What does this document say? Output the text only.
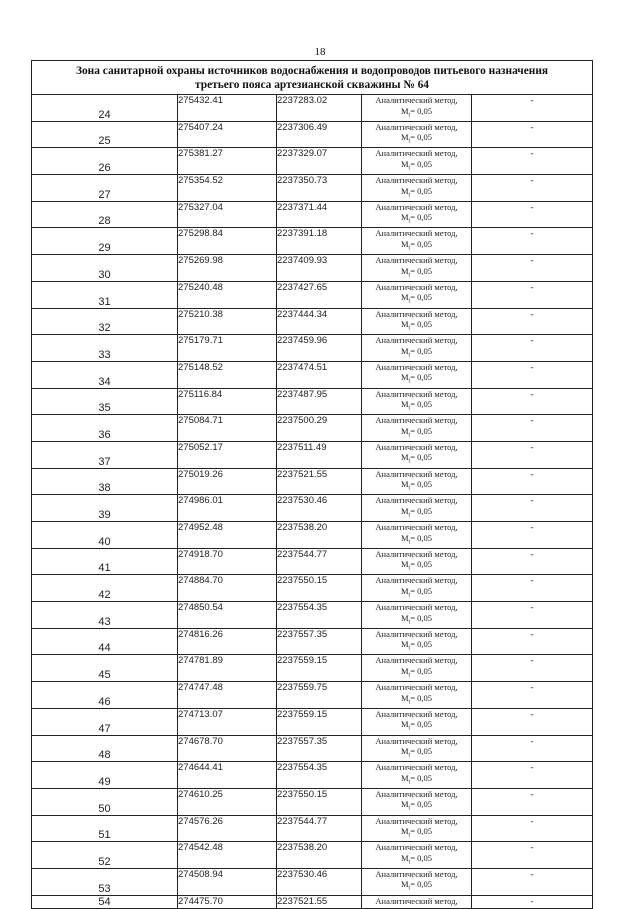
18
Зона санитарной охраны источников водоснабжения и водопроводов питьевого назначения
третьего пояса артезианской скважины № 64				

24	275432.41	2237283.02	Аналитический метод,
$M_t= 0,05$	-
25	275407.24	2237306.49	Аналитический метод,
$M_t= 0,05$	-
26	275381.27	2237329.07	Аналитический метод,
$M_t= 0,05$	-
27	275354.52	2237350.73	Аналитический метод,
$M_t= 0,05$	-
28	275327.04	2237371.44	Аналитический метод,
$M_t= 0,05$	-
29	275298.84	2237391.18	Аналитический метод,
$M_t= 0,05$	-
30	275269.98	2237409.93	Аналитический метод,
$M_t= 0,05$	-
31	275240.48	2237427.65	Аналитический метод,
$M_t= 0,05$	-
32	275210.38	2237444.34	Аналитический метод,
$M_t= 0,05$	-
33	275179.71	2237459.96	Аналитический метод,
$M_t= 0,05$	-
34	275148.52	2237474.51	Аналитический метод,
$M_t= 0,05$	-
35	275116.84	2237487.95	Аналитический метод,
$M_t= 0,05$	-
36	275084.71	2237500.29	Аналитический метод,
$M_t= 0,05$	-
37	275052.17	2237511.49	Аналитический метод,
$M_t= 0,05$	-
38	275019.26	2237521.55	Аналитический метод,
$M_t= 0,05$	-
39	274986.01	2237530.46	Аналитический метод,
$M_t= 0,05$	-
40	274952.48	2237538.20	Аналитический метод,
$M_t= 0,05$	-
41	274918.70	2237544.77	Аналитический метод,
$M_t= 0,05$	-
42	274884.70	2237550.15	Аналитический метод,
$M_t= 0,05$	-
43	274850.54	2237554.35	Аналитический метод,
$M_t= 0,05$	-
44	274816.26	2237557.35	Аналитический метод,
$M_t= 0,05$	-
45	274781.89	2237559.15	Аналитический метод,
$M_t= 0,05$	-
46	274747.48	2237559.75	Аналитический метод,
$M_t= 0,05$	-
47	274713.07	2237559.15	Аналитический метод,
$M_t= 0,05$	-
48	274678.70	2237557.35	Аналитический метод,
$M_t= 0,05$	-
49	274644.41	2237554.35	Аналитический метод,
$M_t= 0,05$	-
50	274610.25	2237550.15	Аналитический метод,
$M_t= 0,05$	-
51	274576.26	2237544.77	Аналитический метод,
$M_t= 0,05$	-
52	274542.48	2237538.20	Аналитический метод,
$M_t= 0,05$	-
53	274508.94	2237530.46	Аналитический метод,
$M_t= 0,05$	-
54	274475.70	2237521.55	Аналитический метод,	-
